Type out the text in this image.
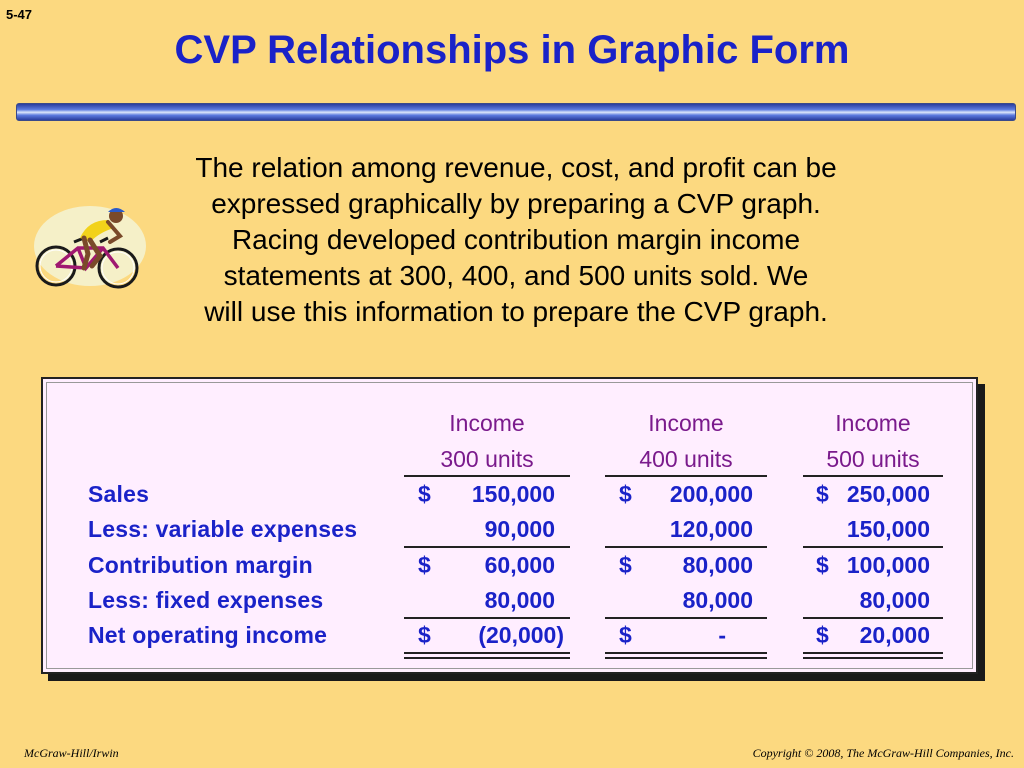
5-47
CVP Relationships in Graphic Form
The relation among revenue, cost, and profit can be
expressed graphically by preparing a CVP graph.
Racing developed contribution margin income
statements at 300, 400, and 500 units sold. We
will use this information to prepare the CVP graph.
Income
300 units
Income
400 units
Income
500 units
Sales	$	150,000	$	200,000	$ 250,000
Less: variable expenses	90,000	120,000	150,000
Contribution margin	$	60,000	$	80,000	$ 100,000
Less: fixed expenses	80,000	80,000	80,000
Net operating income	$	(20,000) $	-	$	20,000
McGraw-Hill/Irwin	Copyright © 2008, The McGraw-Hill Companies, Inc.
